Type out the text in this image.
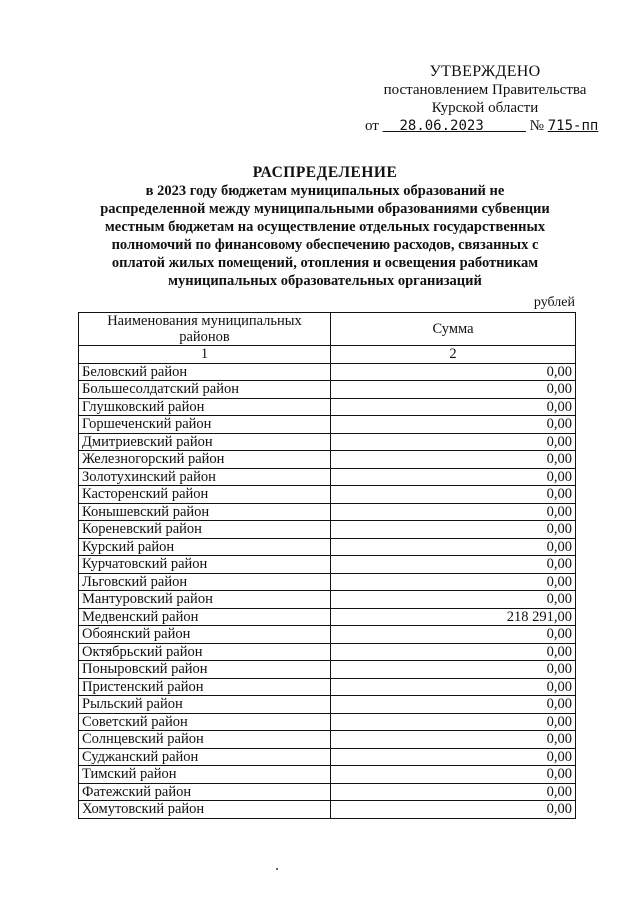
УТВЕРЖДЕНО
постановлением Правительства
Курской области
от 28.06.2023	№ 715-пп
РАСПРЕДЕЛЕНИЕ
в 2023 году бюджетам муниципальных образований не
распределенной между муниципальными образованиями субвенции
местным бюджетам на осуществление отдельных государственных
полномочий по финансовому обеспечению расходов, связанных с
оплатой жилых помещений, отопления и освещения работникам
муниципальных образовательных организаций
рублей
Наименования муниципальных районов	Сумма
1	2
Беловский район	0,00
Большесолдатский район	0,00
Глушковский район	0,00
Горшеченский район	0,00
Дмитриевский район	0,00
Железногорский район	0,00
Золотухинский район	0,00
Касторенский район	0,00
Конышевский район	0,00
Кореневский район	0,00
Курский район	0,00
Курчатовский район	0,00
Льговский район	0,00
Мантуровский район	0,00
Медвенский район	218 291,00
Обоянский район	0,00
Октябрьский район	0,00
Поныровский район	0,00
Пристенский район	0,00
Рыльский район	0,00
Советский район	0,00
Солнцевский район	0,00
Суджанский район	0,00
Тимский район	0,00
Фатежский район	0,00
Хомутовский район	0,00
